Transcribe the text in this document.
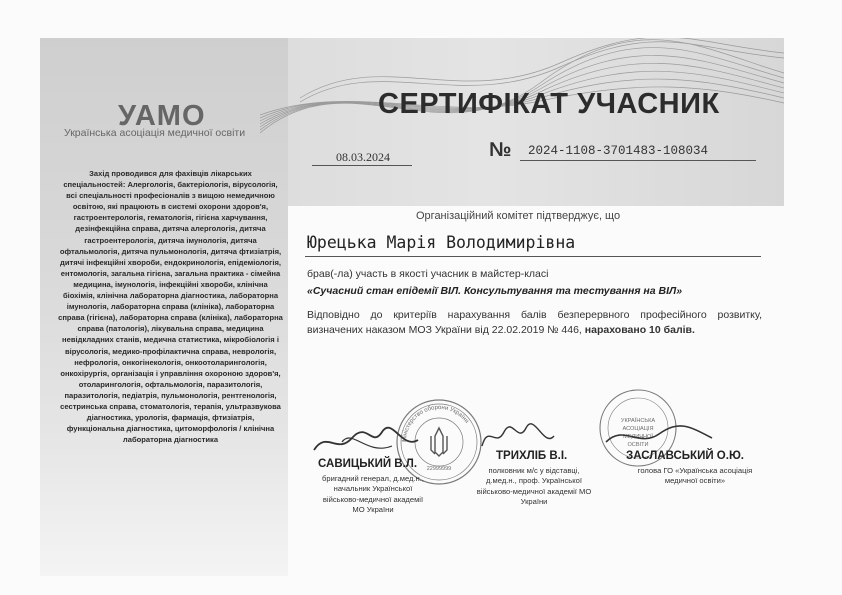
УАМО
Українська асоціація медичної освіти
СЕРТИФІКАТ УЧАСНИК
08.03.2024	№ 2024-1108-3701483-108034
Захід проводився для фахівців лікарських спеціальностей: Алергологія, бактеріологія, вірусологія, всі спеціальності професіоналів з вищою немедичною освітою, які працюють в системі охорони здоров'я, гастроентерологія, гематологія, гігієна харчування, дезінфекційна справа, дитяча алергологія, дитяча гастроентерологія, дитяча імунологія, дитяча офтальмологія, дитяча пульмонологія, дитяча фтизіатрія, дитячі інфекційні хвороби, ендокринологія, епідеміологія, ентомологія, загальна гігієна, загальна практика - сімейна медицина, імунологія, інфекційні хвороби, клінічна біохімія, клінічна лабораторна діагностика, лабораторна імунологія, лабораторна справа (клініка), лабораторна справа (гігієна), лабораторна справа (клініка), лабораторна справа (патологія), лікувальна справа, медицина невідкладних станів, медична статистика, мікробіологія і вірусологія, медико-профілактична справа, неврологія, нефрологія, онкогінекологія, онкоотоларингологія, онкохірургія, організація і управління охороною здоров'я, отоларингологія, офтальмологія, паразитологія, паразитологія, педіатрія, пульмонологія, рентгенологія, сестринська справа, стоматологія, терапія, ультразвукова діагностика, урологія, фармація, фтизіатрія, функціональна діагностика, цитоморфологія / клінічна лабораторна діагностика
Організаційний комітет підтверджує, що
Юрецька Марія Володимирівна
брав(-ла) участь в якості учасник в майстер-класі
«Сучасний стан епідемії ВІЛ. Консультування та тестування на ВІЛ»
Відповідно до критеріїв нарахування балів безперервного професійного розвитку, визначених наказом МОЗ України від 22.02.2019 № 446, нараховано 10 балів.
Міністерство оборони України
22999999
УКРАЇНСЬКА
АСОЦІАЦІЯ
МЕДИЧНОЇ
ОСВІТИ
САВИЦЬКИЙ В.Л.
бригадний генерал, д.мед.н., начальник Української військово-медичної академії МО України
ТРИХЛІБ В.І.
полковник м/с у відставці, д.мед.н., проф. Української військово-медичної академії МО України
ЗАСЛАВСЬКИЙ О.Ю.
голова ГО «Українська асоціація медичної освіти»
